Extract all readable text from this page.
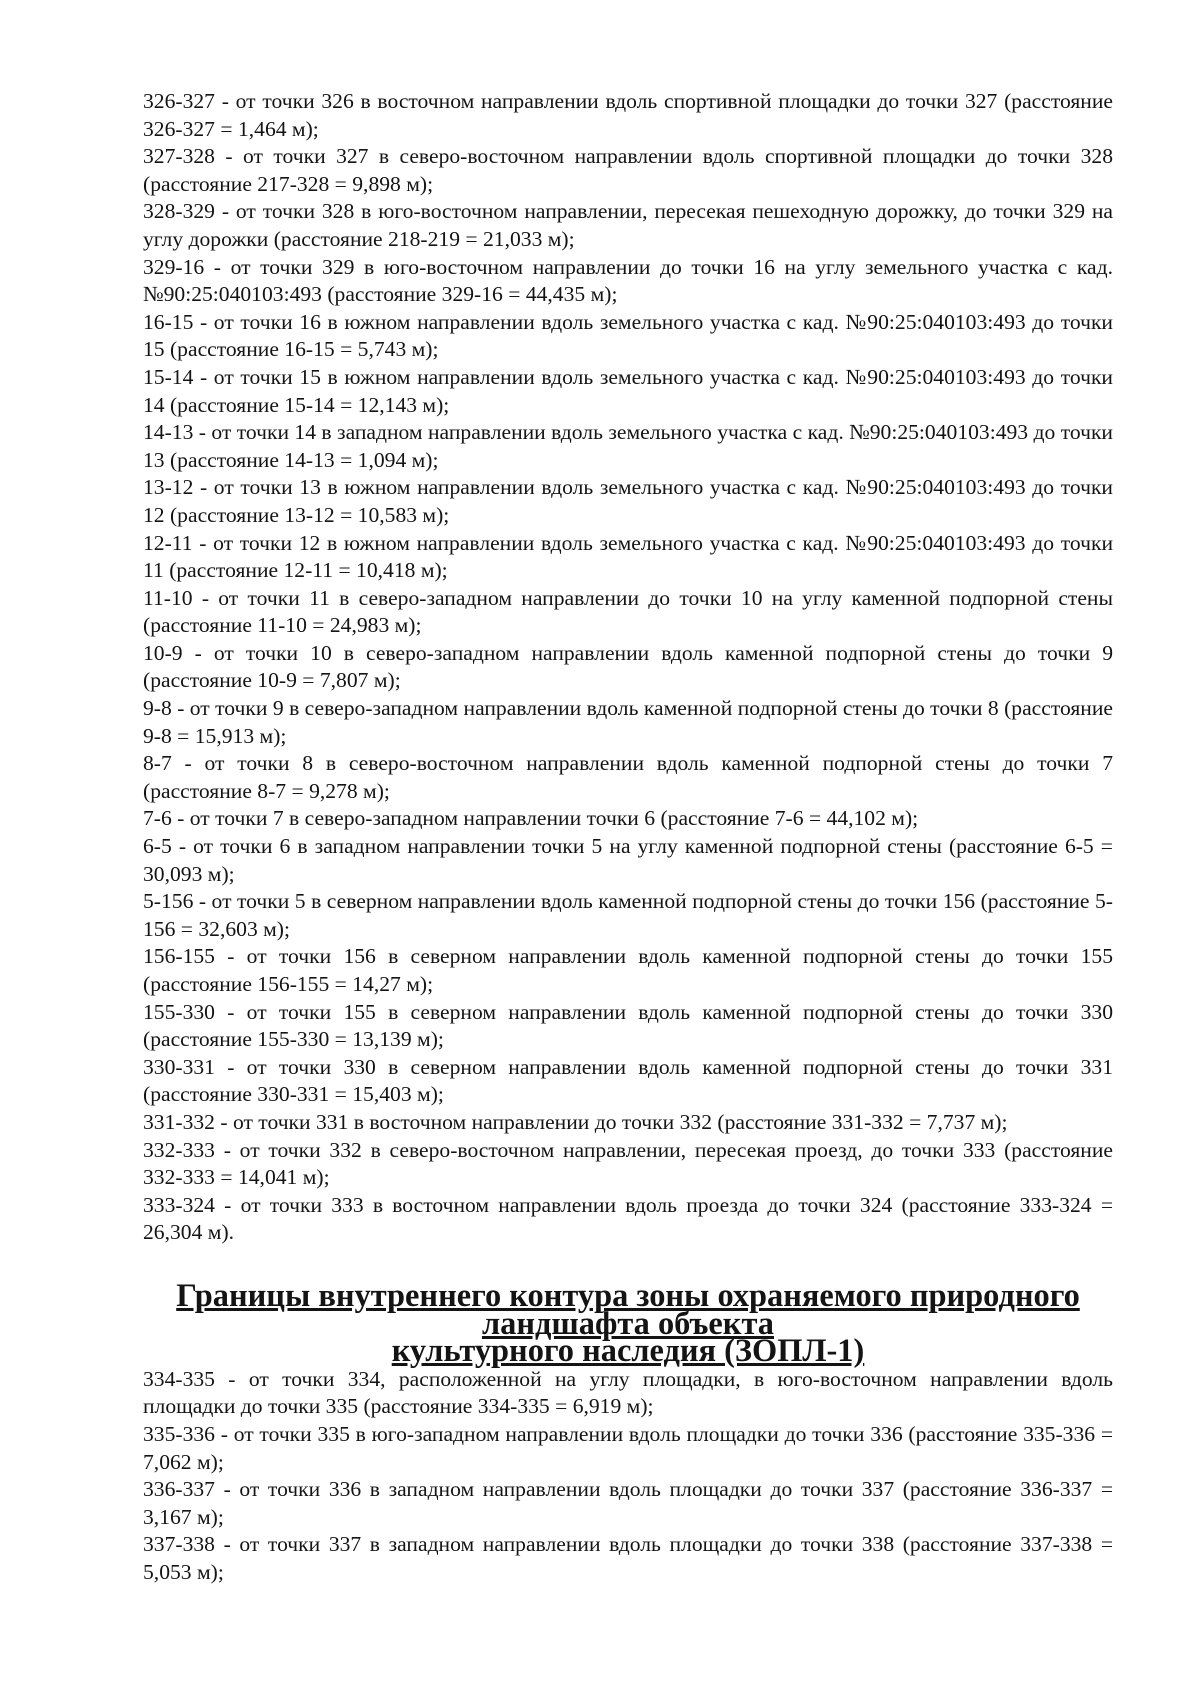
326-327 - от точки 326 в восточном направлении вдоль спортивной площадки до точки 327 (расстояние 326-327 = 1,464 м);

327-328 - от точки 327 в северо-восточном направлении вдоль спортивной площадки до точки 328 (расстояние 217-328 = 9,898 м);

328-329 - от точки 328 в юго-восточном направлении, пересекая пешеходную дорожку, до точки 329 на углу дорожки (расстояние 218-219 = 21,033 м);

329-16 - от точки 329 в юго-восточном направлении до точки 16 на углу земельного участка с кад. №90:25:040103:493 (расстояние 329-16 = 44,435 м);

16-15 - от точки 16 в южном направлении вдоль земельного участка с кад. №90:25:040103:493 до точки 15 (расстояние 16-15 = 5,743 м);

15-14 - от точки 15 в южном направлении вдоль земельного участка с кад. №90:25:040103:493 до точки 14 (расстояние 15-14 = 12,143 м);

14-13 - от точки 14 в западном направлении вдоль земельного участка с кад. №90:25:040103:493 до точки 13 (расстояние 14-13 = 1,094 м);

13-12 - от точки 13 в южном направлении вдоль земельного участка с кад. №90:25:040103:493 до точки 12 (расстояние 13-12 = 10,583 м);

12-11 - от точки 12 в южном направлении вдоль земельного участка с кад. №90:25:040103:493 до точки 11 (расстояние 12-11 = 10,418 м);

11-10 - от точки 11 в северо-западном направлении до точки 10 на углу каменной подпорной стены (расстояние 11-10 = 24,983 м);

10-9 - от точки 10 в северо-западном направлении вдоль каменной подпорной стены до точки 9 (расстояние 10-9 = 7,807 м);

9-8 - от точки 9 в северо-западном направлении вдоль каменной подпорной стены до точки 8 (расстояние 9-8 = 15,913 м);

8-7 - от точки 8 в северо-восточном направлении вдоль каменной подпорной стены до точки 7 (расстояние 8-7 = 9,278 м);

7-6 - от точки 7 в северо-западном направлении точки 6 (расстояние 7-6 = 44,102 м);

6-5 - от точки 6 в западном направлении точки 5 на углу каменной подпорной стены (расстояние 6-5 = 30,093 м);

5-156 - от точки 5 в северном направлении вдоль каменной подпорной стены до точки 156 (расстояние 5-156 = 32,603 м);

156-155 - от точки 156 в северном направлении вдоль каменной подпорной стены до точки 155 (расстояние 156-155 = 14,27 м);

155-330 - от точки 155 в северном направлении вдоль каменной подпорной стены до точки 330 (расстояние 155-330 = 13,139 м);

330-331 - от точки 330 в северном направлении вдоль каменной подпорной стены до точки 331 (расстояние 330-331 = 15,403 м);

331-332 - от точки 331 в восточном направлении до точки 332 (расстояние 331-332 = 7,737 м);

332-333 - от точки 332 в северо-восточном направлении, пересекая проезд, до точки 333 (расстояние 332-333 = 14,041 м);

333-324 - от точки 333 в восточном направлении вдоль проезда до точки 324 (расстояние 333-324 = 26,304 м).

Границы внутреннего контура зоны охраняемого природного ландшафта объекта
культурного наследия (ЗОПЛ-1)

334-335 - от точки 334, расположенной на углу площадки, в юго-восточном направлении вдоль площадки до точки 335 (расстояние 334-335 = 6,919 м);

335-336 - от точки 335 в юго-западном направлении вдоль площадки до точки 336 (расстояние 335-336 = 7,062 м);

336-337 - от точки 336 в западном направлении вдоль площадки до точки 337 (расстояние 336-337 = 3,167 м);

337-338 - от точки 337 в западном направлении вдоль площадки до точки 338 (расстояние 337-338 = 5,053 м);
